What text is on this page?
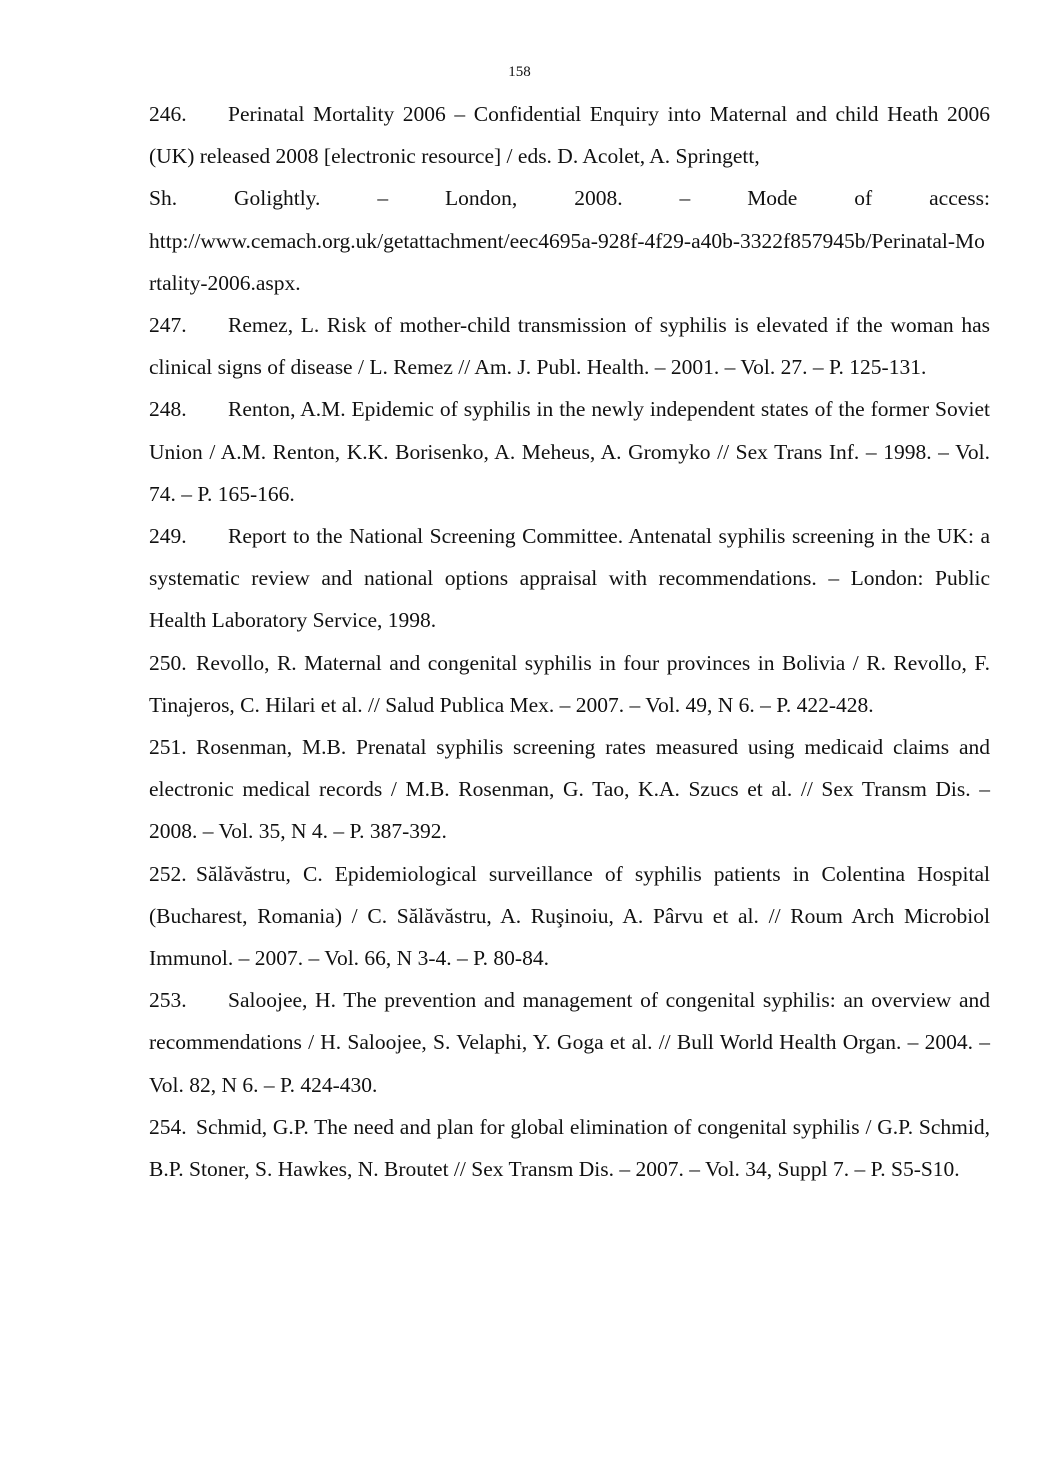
158
246. Perinatal Mortality 2006 – Confidential Enquiry into Maternal and child Heath 2006 (UK) released 2008 [electronic resource] / eds. D. Acolet, A. Springett,
Sh. Golightly. – London, 2008. – Mode of access:
http://www.cemach.org.uk/getattachment/eec4695a-928f-4f29-a40b-3322f857945b/Perinatal-Mortality-2006.aspx.
247. Remez, L. Risk of mother-child transmission of syphilis is elevated if the woman has clinical signs of disease / L. Remez // Am. J. Publ. Health. – 2001. – Vol. 27. – P. 125-131.
248. Renton, A.M. Epidemic of syphilis in the newly independent states of the former Soviet Union / A.M. Renton, K.K. Borisenko, A. Meheus, A. Gromyko // Sex Trans Inf. – 1998. – Vol. 74. – P. 165-166.
249. Report to the National Screening Committee. Antenatal syphilis screening in the UK: a systematic review and national options appraisal with recommendations. – London: Public Health Laboratory Service, 1998.
250. Revollo, R. Maternal and congenital syphilis in four provinces in Bolivia / R. Revollo, F. Tinajeros, C. Hilari et al. // Salud Publica Mex. – 2007. – Vol. 49, N 6. – P. 422-428.
251. Rosenman, M.B. Prenatal syphilis screening rates measured using medicaid claims and electronic medical records / M.B. Rosenman, G. Tao, K.A. Szucs et al. // Sex Transm Dis. – 2008. – Vol. 35, N 4. – P. 387-392.
252. Sălăvăstru, C. Epidemiological surveillance of syphilis patients in Colentina Hospital (Bucharest, Romania) / C. Sălăvăstru, A. Ruşinoiu, A. Pârvu et al. // Roum Arch Microbiol Immunol. – 2007. – Vol. 66, N 3-4. – P. 80-84.
253. Saloojee, H. The prevention and management of congenital syphilis: an overview and recommendations / H. Saloojee, S. Velaphi, Y. Goga et al. // Bull World Health Organ. – 2004. – Vol. 82, N 6. – P. 424-430.
254. Schmid, G.P. The need and plan for global elimination of congenital syphilis / G.P. Schmid, B.P. Stoner, S. Hawkes, N. Broutet // Sex Transm Dis. – 2007. – Vol. 34, Suppl 7. – P. S5-S10.
